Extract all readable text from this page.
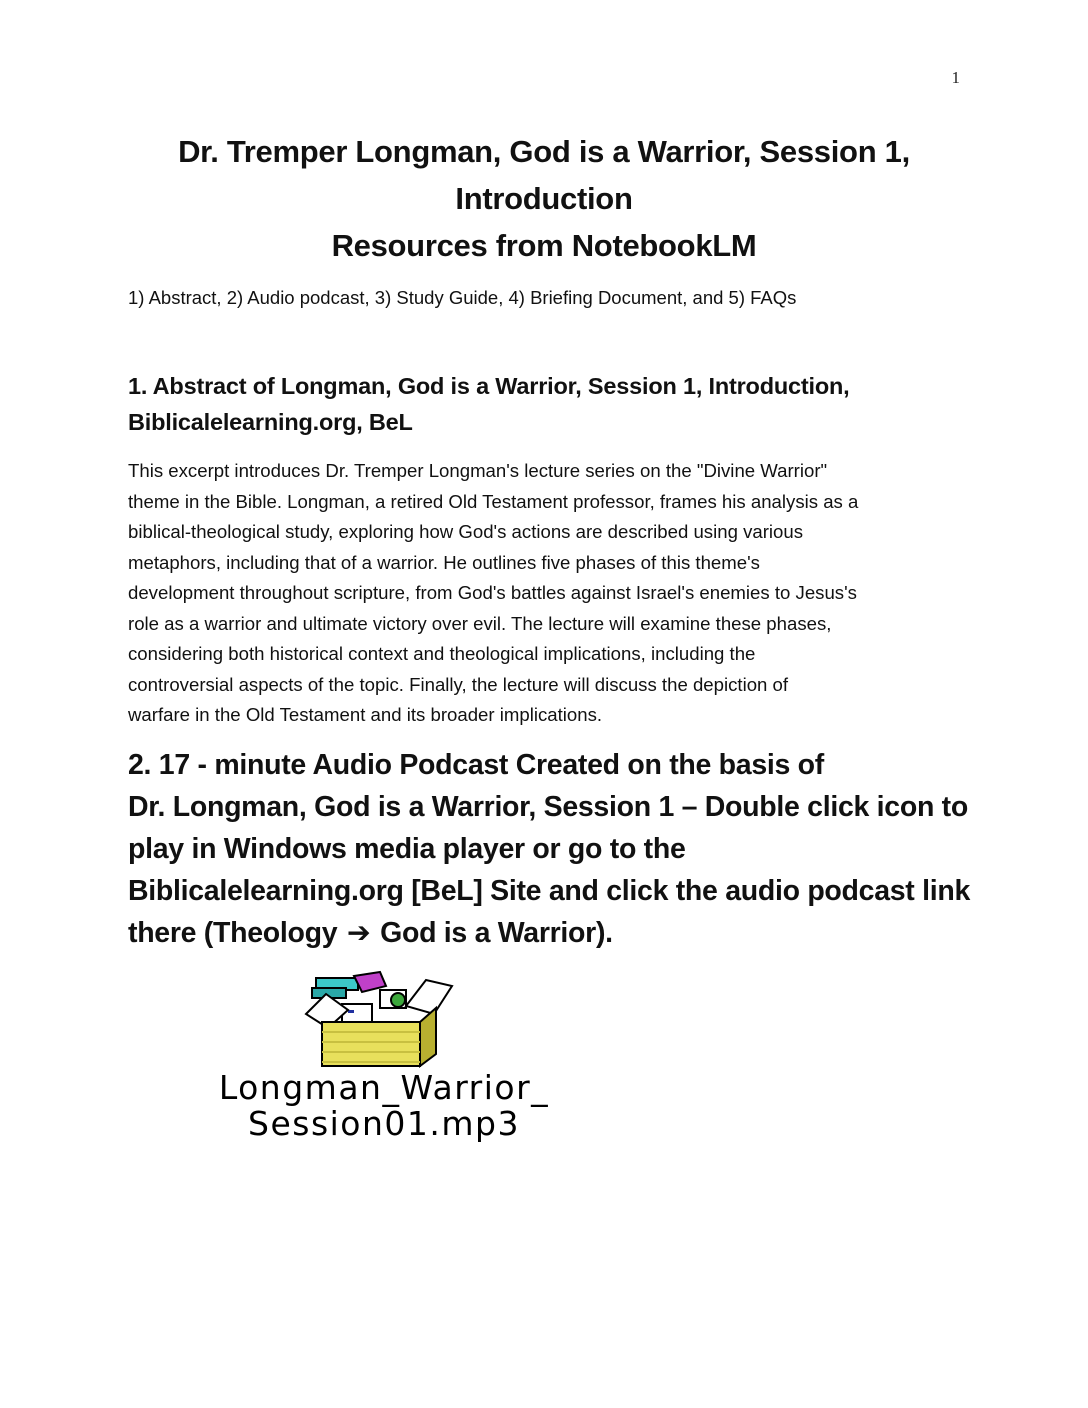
1
Dr. Tremper Longman, God is a Warrior, Session 1,
Introduction
Resources from NotebookLM
1) Abstract, 2) Audio podcast, 3) Study Guide, 4) Briefing Document, and 5) FAQs
1. Abstract of Longman, God is a Warrior, Session 1, Introduction,
Biblicalelearning.org, BeL
This excerpt introduces Dr. Tremper Longman's lecture series on the "Divine Warrior"
theme in the Bible. Longman, a retired Old Testament professor, frames his analysis as a
biblical-theological study, exploring how God's actions are described using various
metaphors, including that of a warrior. He outlines five phases of this theme's
development throughout scripture, from God's battles against Israel's enemies to Jesus's
role as a warrior and ultimate victory over evil. The lecture will examine these phases,
considering both historical context and theological implications, including the
controversial aspects of the topic. Finally, the lecture will discuss the depiction of
warfare in the Old Testament and its broader implications.
2. 17 - minute Audio Podcast Created on the basis of
Dr. Longman, God is a Warrior, Session 1 – Double click icon to
play in Windows media player or go to the
Biblicalelearning.org [BeL] Site and click the audio podcast link
there (Theology ➔ God is a Warrior).
Longman_Warrior_
Session01.mp3
